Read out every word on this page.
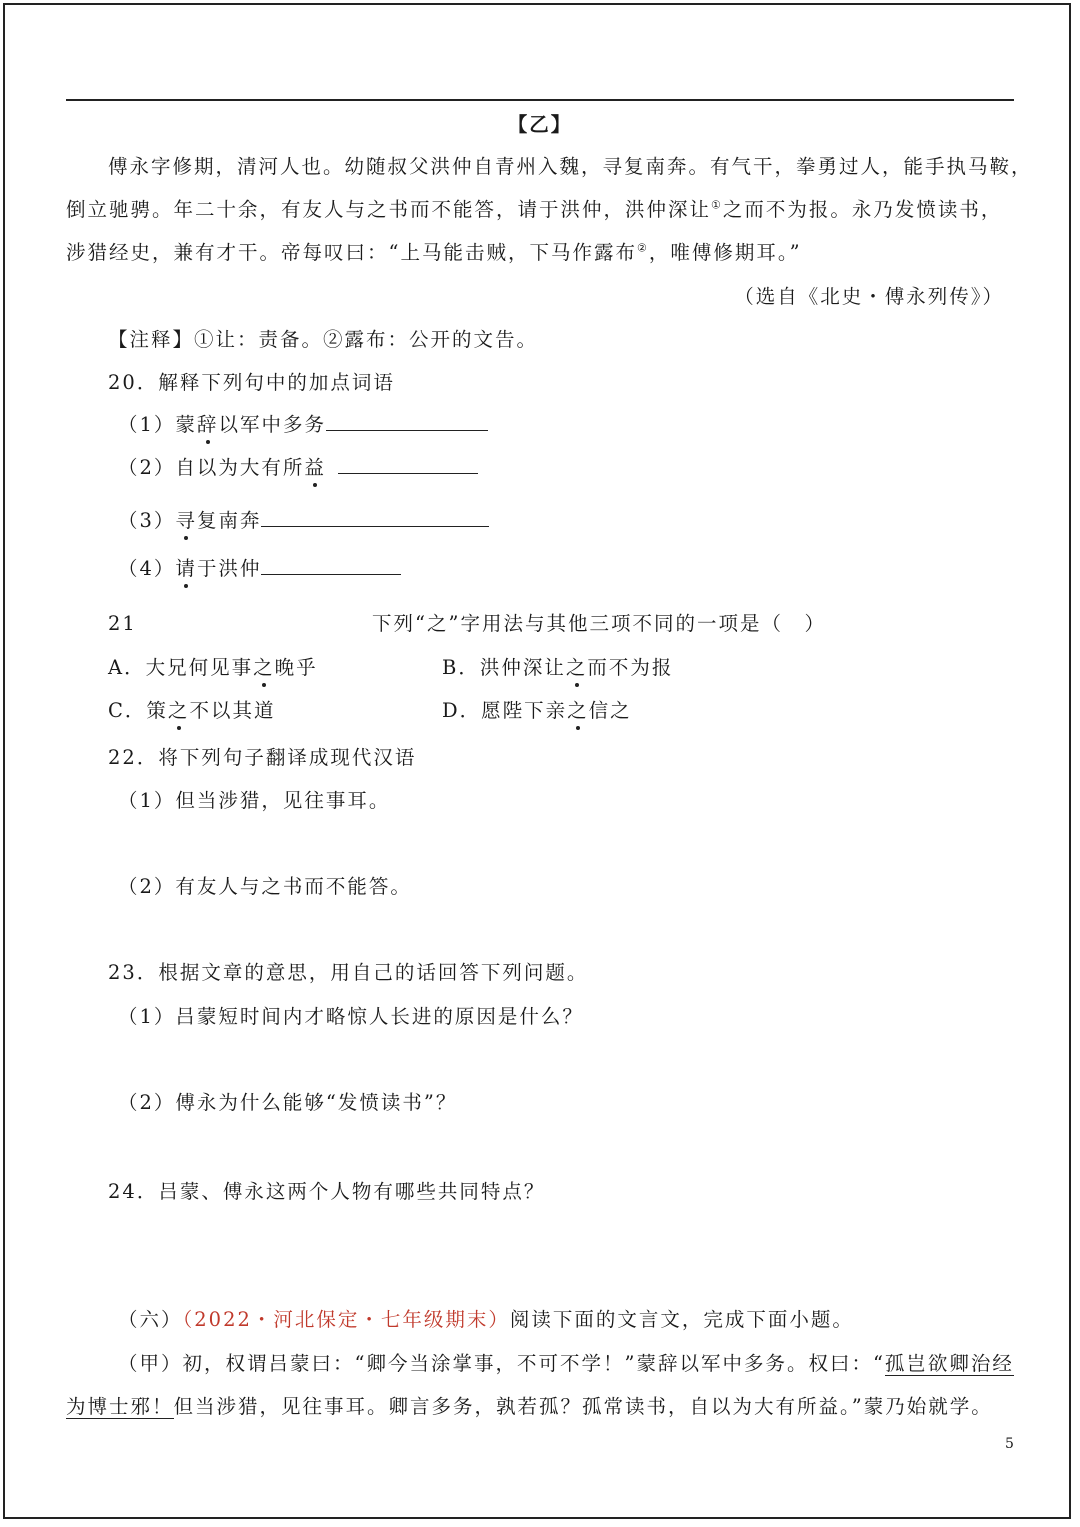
【乙】
傅永字修期，清河人也。幼随叔父洪仲自青州入魏，寻复南奔。有气干，拳勇过人，能手执马鞍，
倒立驰骋。年二十余，有友人与之书而不能答，请于洪仲，洪仲深让①之而不为报。永乃发愤读书，
涉猎经史，兼有才干。帝每叹曰：“上马能击贼，下马作露布②，唯傅修期耳。”
（选自《北史・傅永列传》）
【注释】①让：责备。②露布：公开的文告。
20．解释下列句中的加点词语
（1）蒙辞以军中多务
（2）自以为大有所益
（3）寻复南奔
（4）请于洪仲
21	下列“之”字用法与其他三项不同的一项是（　）
A．大兄何见事之晚乎	B．洪仲深让之而不为报
C．策之不以其道	D．愿陛下亲之信之
22．将下列句子翻译成现代汉语
（1）但当涉猎，见往事耳。
（2）有友人与之书而不能答。
23．根据文章的意思，用自己的话回答下列问题。
（1）吕蒙短时间内才略惊人长进的原因是什么？
（2）傅永为什么能够“发愤读书”？
24．吕蒙、傅永这两个人物有哪些共同特点？
（六）（2022・河北保定・七年级期末）阅读下面的文言文，完成下面小题。
（甲）初，权谓吕蒙曰：“卿今当涂掌事，不可不学！”蒙辞以军中多务。权曰：“孤岂欲卿治经
为博士邪！但当涉猎，见往事耳。卿言多务，孰若孤？孤常读书，自以为大有所益。”蒙乃始就学。
5
